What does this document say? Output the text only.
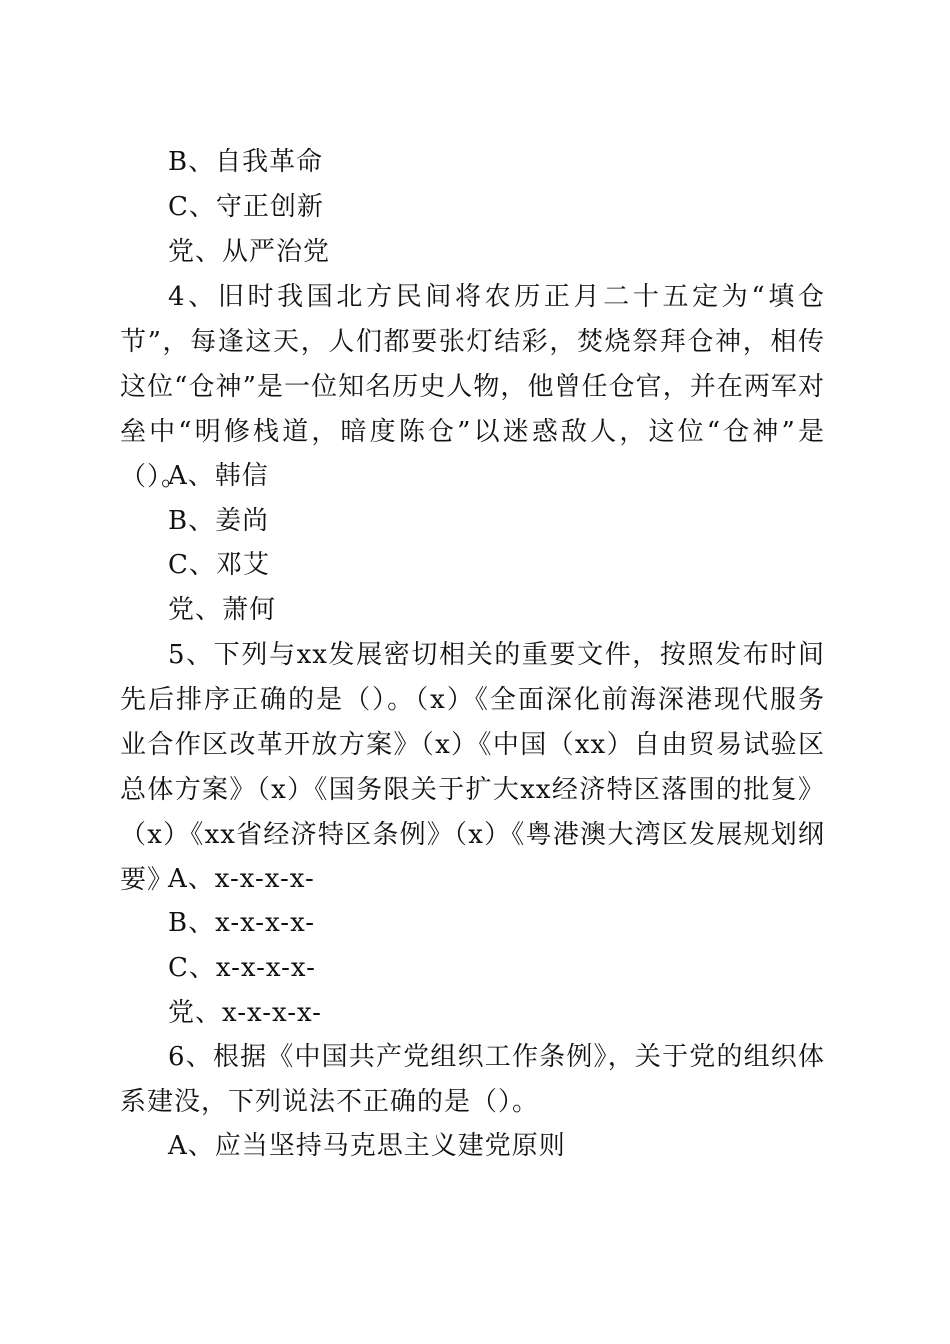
B、自我革命

C、守正创新

党、从严治党

4、旧时我国北方民间将农历正月二十五定为“填仓节”，每逢这天，人们都要张灯结彩，焚烧祭拜仓神，相传这位“仓神”是一位知名历史人物，他曾任仓官，并在两军对垒中“明修栈道，暗度陈仓”以迷惑敌人，这位“仓神”是（）。

A、韩信

B、姜尚

C、邓艾

党、萧何

5、下列与xx发展密切相关的重要文件，按照发布时间先后排序正确的是（）。（x）《全面深化前海深港现代服务业合作区改革开放方案》（x）《中国（xx）自由贸易试验区总体方案》（x）《国务限关于扩大xx经济特区落围的批复》（x）《xx省经济特区条例》（x）《粤港澳大湾区发展规划纲要》

A、x-x-x-x-

B、x-x-x-x-

C、x-x-x-x-

党、x-x-x-x-

6、根据《中国共产党组织工作条例》，关于党的组织体系建没，下列说法不正确的是（）。

A、应当坚持马克思主义建党原则
